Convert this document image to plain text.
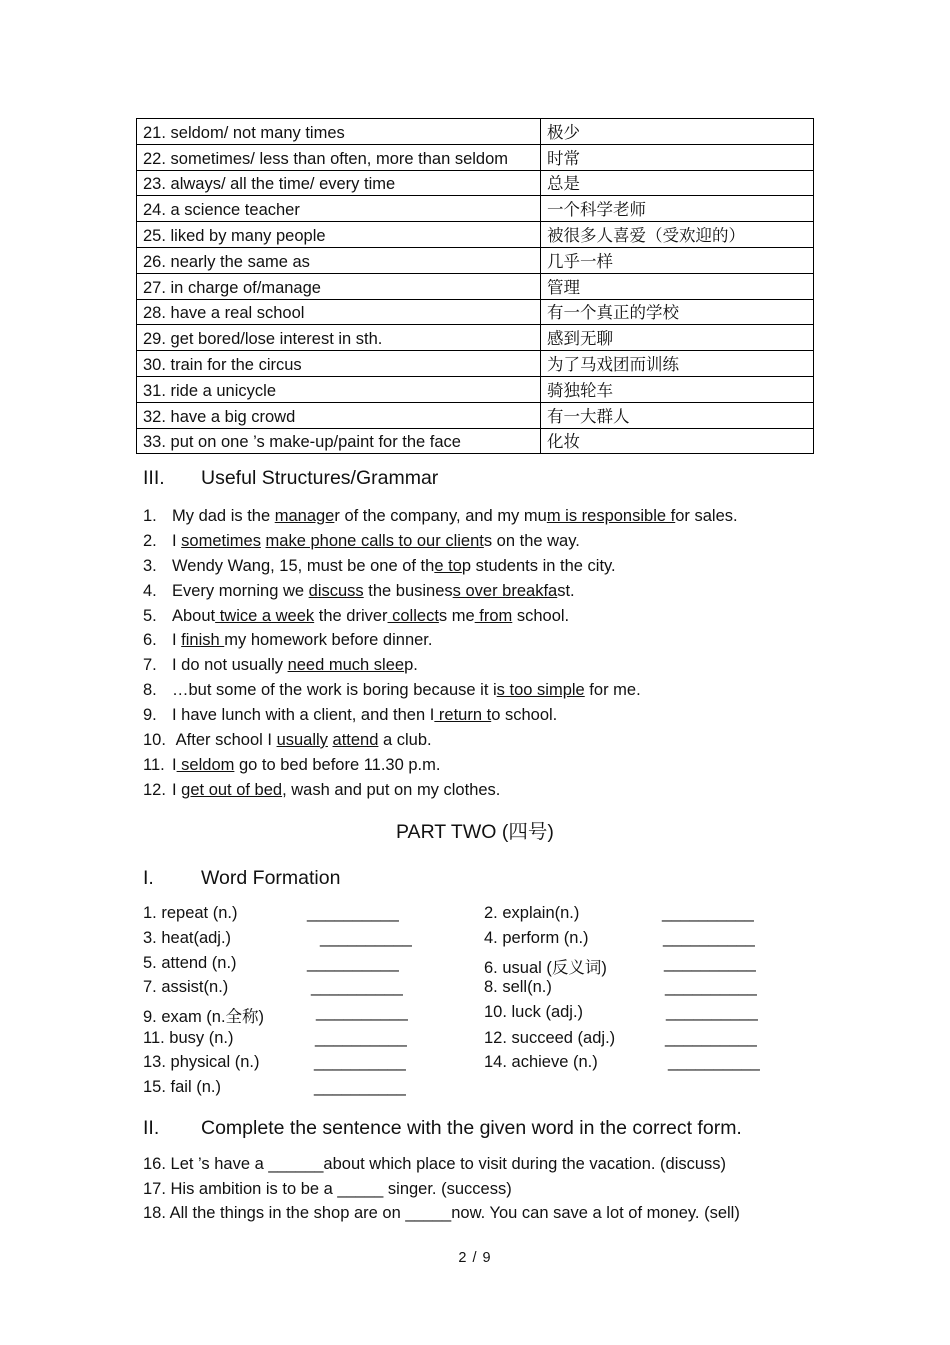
21. seldom/ not many times	极少
22. sometimes/ less than often, more than seldom	时常
23. always/ all the time/ every time	总是
24. a science teacher	一个科学老师
25. liked by many people	被很多人喜爱（受欢迎的）
26. nearly the same as	几乎一样
27. in charge of/manage	管理
28. have a real school	有一个真正的学校
29. get bored/lose interest in sth.	感到无聊
30. train for the circus	为了马戏团而训练
31. ride a unicycle	骑独轮车
32. have a big crowd	有一大群人
33. put on one ’s make-up/paint for the face	化妆
III. Useful Structures/Grammar
1. My dad is the manager of the company, and my mum is responsible for sales.
2. I sometimes make phone calls to our clients on the way.
3. Wendy Wang, 15, must be one of the top students in the city.
4. Every morning we discuss the business over breakfast.
5. About twice a week the driver collects me from school.
6. I finish my homework before dinner.
7. I do not usually need much sleep.
8. …but some of the work is boring because it is too simple for me.
9. I have lunch with a client, and then I return to school.
10. After school I usually attend a club.
11. I seldom go to bed before 11.30 p.m.
12. I get out of bed, wash and put on my clothes.
PART TWO (四号)
I. Word Formation
1. repeat (n.)	__________
3. heat(adj.)	__________
5. attend (n.)	__________
7. assist(n.)	__________
9. exam (n.全称)	__________
11. busy (n.)	__________
13. physical (n.)	__________
15. fail (n.)	__________
2. explain(n.)	__________
4. perform (n.)	__________
6. usual (反义词)	__________
8. sell(n.)	__________
10. luck (adj.)	__________
12. succeed (adj.)	__________
14. achieve (n.)	__________
II. Complete the sentence with the given word in the correct form.
16. Let ’s have a ______about which place to visit during the vacation. (discuss)
17. His ambition is to be a _____ singer. (success)
18. All the things in the shop are on _____now. You can save a lot of money. (sell)
2 / 9
